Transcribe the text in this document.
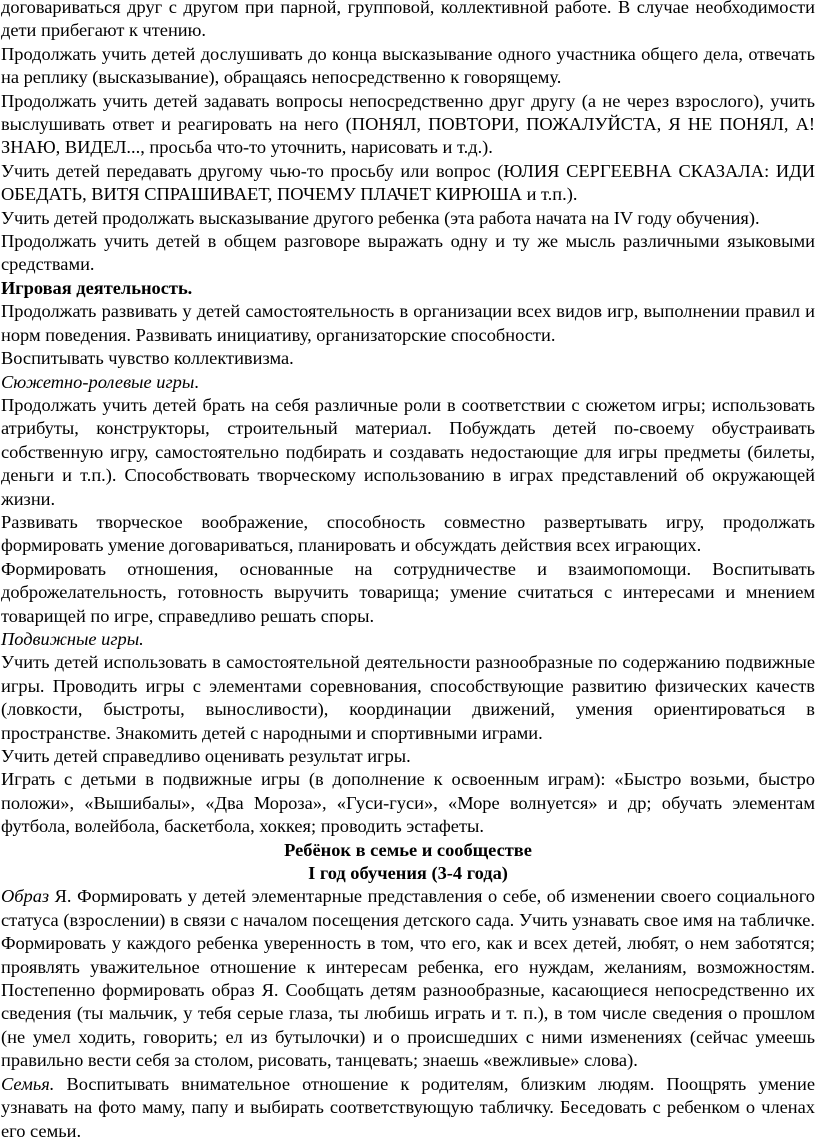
договариваться друг с другом при парной, групповой, коллективной работе. В случае необходимости дети прибегают к чтению.

Продолжать учить детей дослушивать до конца высказывание одного участника общего дела, отвечать на реплику (высказывание), обращаясь непосредственно к говорящему.

Продолжать учить детей задавать вопросы непосредственно друг другу (а не через взрослого), учить выслушивать ответ и реагировать на него (ПОНЯЛ, ПОВТОРИ, ПОЖАЛУЙСТА, Я НЕ ПОНЯЛ, А! ЗНАЮ, ВИДЕЛ..., просьба что-то уточнить, нарисовать и т.д.).

Учить детей передавать другому чью-то просьбу или вопрос (ЮЛИЯ СЕРГЕЕВНА СКАЗАЛА: ИДИ ОБЕДАТЬ, ВИТЯ СПРАШИВАЕТ, ПОЧЕМУ ПЛАЧЕТ КИРЮША и т.п.).

Учить детей продолжать высказывание другого ребенка (эта работа начата на IV году обучения).

Продолжать учить детей в общем разговоре выражать одну и ту же мысль различными языковыми средствами.

Игровая деятельность.

Продолжать развивать у детей самостоятельность в организации всех видов игр, выполнении правил и норм поведения. Развивать инициативу, организаторские способности.

Воспитывать чувство коллективизма.

Сюжетно-ролевые игры.

Продолжать учить детей брать на себя различные роли в соответствии с сюжетом игры; использовать атрибуты, конструкторы, строительный материал. Побуждать детей по-своему обустраивать собственную игру, самостоятельно подбирать и создавать недостающие для игры предметы (билеты, деньги и т.п.). Способствовать творческому использованию в играх представлений об окружающей жизни.

Развивать творческое воображение, способность совместно развертывать игру, продолжать формировать умение договариваться, планировать и обсуждать действия всех играющих.

Формировать отношения, основанные на сотрудничестве и взаимопомощи. Воспитывать доброжелательность, готовность выручить товарища; умение считаться с интересами и мнением товарищей по игре, справедливо решать споры.

Подвижные игры.

Учить детей использовать в самостоятельной деятельности разнообразные по содержанию подвижные игры. Проводить игры с элементами соревнования, способствующие развитию физических качеств (ловкости, быстроты, выносливости), координации движений, умения ориентироваться в пространстве. Знакомить детей с народными и спортивными играми.

Учить детей справедливо оценивать результат игры.

Играть с детьми в подвижные игры (в дополнение к освоенным играм): «Быстро возьми, быстро положи», «Вышибалы», «Два Мороза», «Гуси-гуси», «Море волнуется» и др; обучать элементам футбола, волейбола, баскетбола, хоккея; проводить эстафеты.

Ребёнок в семье и сообществе

I год обучения (3-4 года)

Образ Я. Формировать у детей элементарные представления о себе, об изменении своего социального статуса (взрослении) в связи с началом посещения детского сада. Учить узнавать свое имя на табличке. Формировать у каждого ребенка уверенность в том, что его, как и всех детей, любят, о нем заботятся; проявлять уважительное отношение к интересам ребенка, его нуждам, желаниям, возможностям. Постепенно формировать образ Я. Сообщать детям разнообразные, касающиеся непосредственно их сведения (ты мальчик, у тебя серые глаза, ты любишь играть и т. п.), в том числе сведения о прошлом (не умел ходить, говорить; ел из бутылочки) и о происшедших с ними изменениях (сейчас умеешь правильно вести себя за столом, рисовать, танцевать; знаешь «вежливые» слова).

Семья. Воспитывать внимательное отношение к родителям, близким людям. Поощрять умение узнавать на фото маму, папу и выбирать соответствующую табличку. Беседовать с ребенком о членах его семьи.
